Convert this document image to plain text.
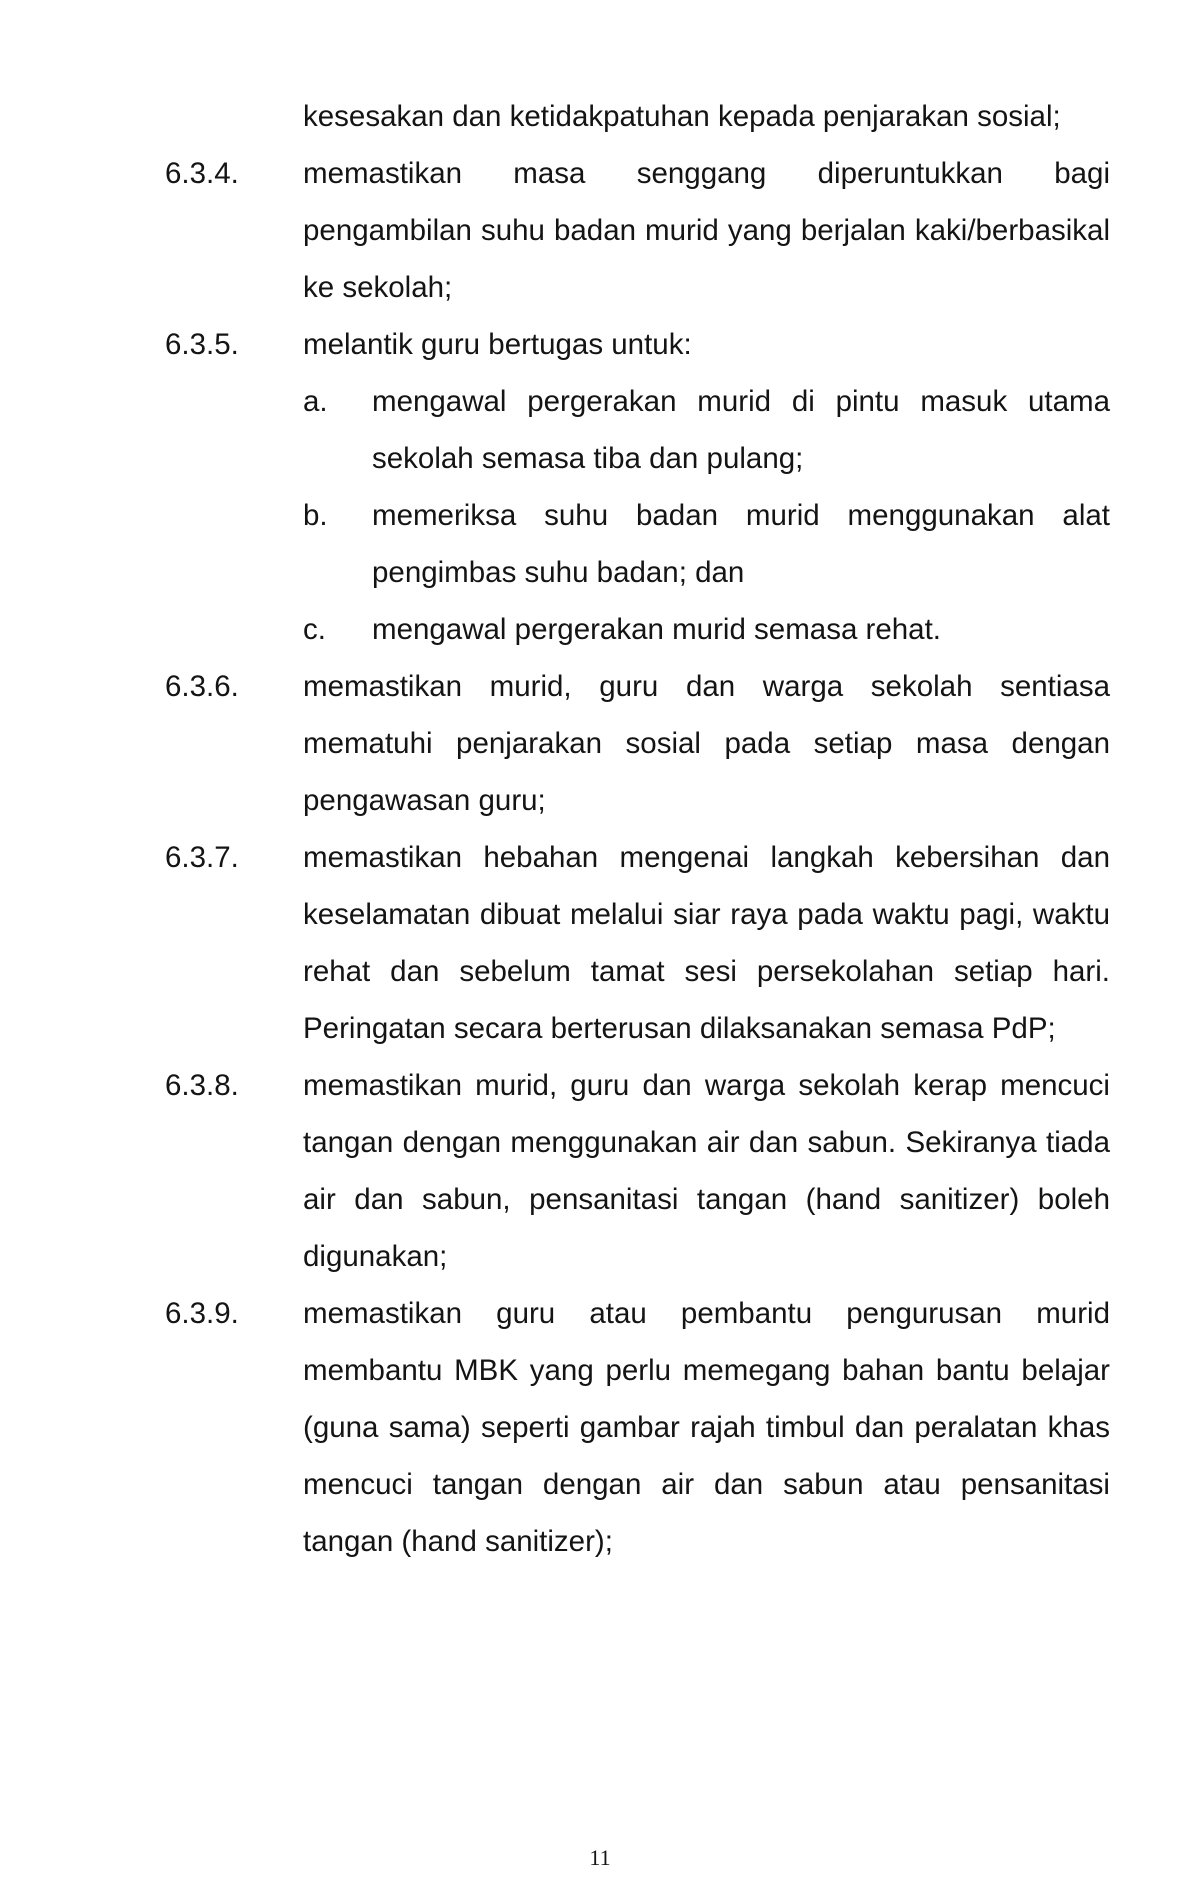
kesesakan dan ketidakpatuhan kepada penjarakan sosial;
6.3.4.	memastikan masa senggang diperuntukkan bagi pengambilan suhu badan murid yang berjalan kaki/berbasikal ke sekolah;
6.3.5.	melantik guru bertugas untuk:
a.	mengawal pergerakan murid di pintu masuk utama sekolah semasa tiba dan pulang;
b.	memeriksa suhu badan murid menggunakan alat pengimbas suhu badan; dan
c.	mengawal pergerakan murid semasa rehat.
6.3.6.	memastikan murid, guru dan warga sekolah sentiasa mematuhi penjarakan sosial pada setiap masa dengan pengawasan guru;
6.3.7.	memastikan hebahan mengenai langkah kebersihan dan keselamatan dibuat melalui siar raya pada waktu pagi, waktu rehat dan sebelum tamat sesi persekolahan setiap hari. Peringatan secara berterusan dilaksanakan semasa PdP;
6.3.8.	memastikan murid, guru dan warga sekolah kerap mencuci tangan dengan menggunakan air dan sabun. Sekiranya tiada air dan sabun, pensanitasi tangan (hand sanitizer) boleh digunakan;
6.3.9.	memastikan guru atau pembantu pengurusan murid membantu MBK yang perlu memegang bahan bantu belajar (guna sama) seperti gambar rajah timbul dan peralatan khas mencuci tangan dengan air dan sabun atau pensanitasi tangan (hand sanitizer);
11
